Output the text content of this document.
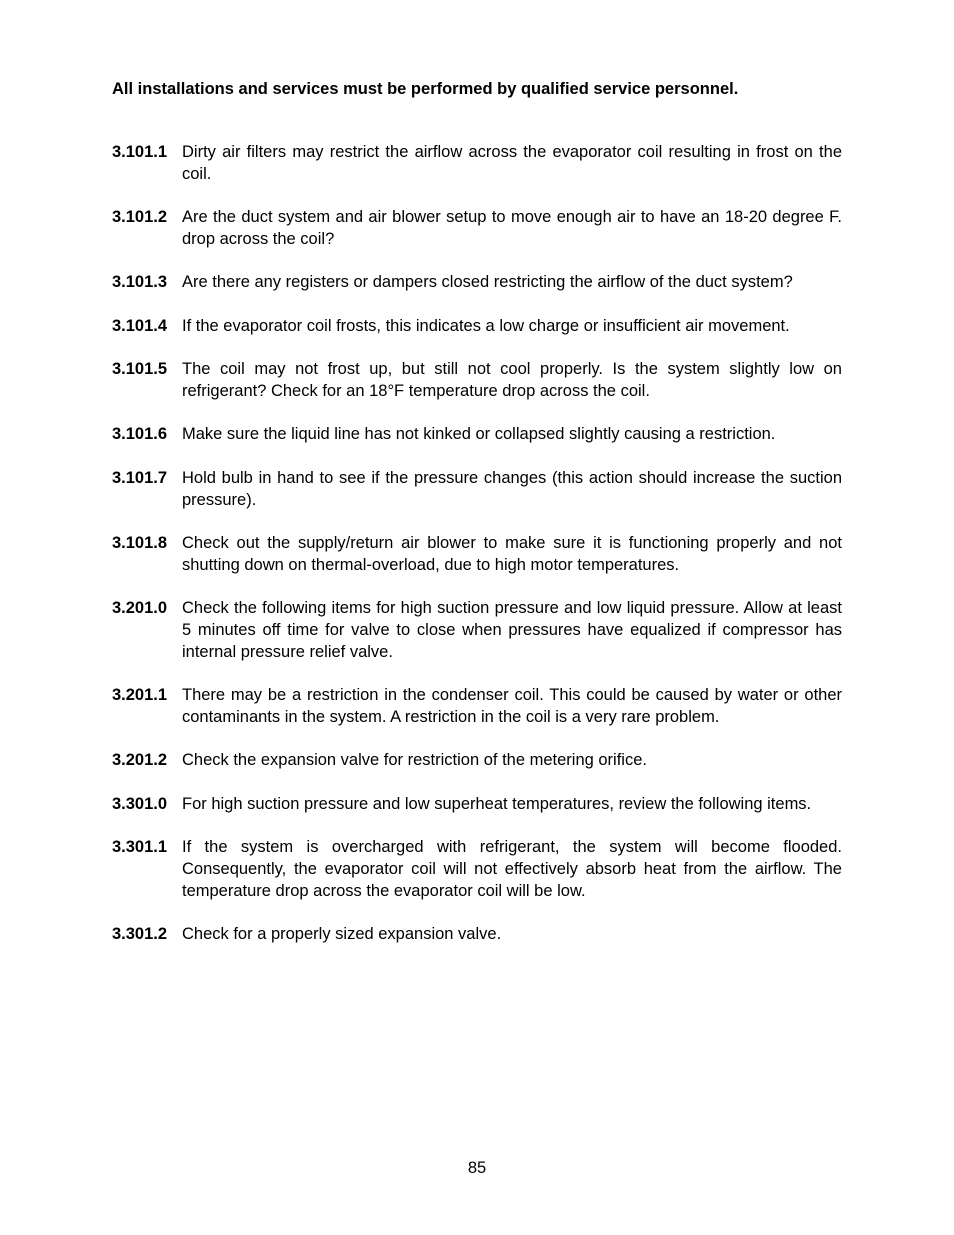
All installations and services must be performed by qualified service personnel.

3.101.1 Dirty air filters may restrict the airflow across the evaporator coil resulting in frost on the coil.
3.101.2 Are the duct system and air blower setup to move enough air to have an 18-20 degree F. drop across the coil?
3.101.3 Are there any registers or dampers closed restricting the airflow of the duct system?
3.101.4 If the evaporator coil frosts, this indicates a low charge or insufficient air movement.
3.101.5 The coil may not frost up, but still not cool properly. Is the system slightly low on refrigerant? Check for an 18°F temperature drop across the coil.
3.101.6 Make sure the liquid line has not kinked or collapsed slightly causing a restriction.
3.101.7 Hold bulb in hand to see if the pressure changes (this action should increase the suction pressure).
3.101.8 Check out the supply/return air blower to make sure it is functioning properly and not shutting down on thermal-overload, due to high motor temperatures.
3.201.0 Check the following items for high suction pressure and low liquid pressure. Allow at least 5 minutes off time for valve to close when pressures have equalized if compressor has internal pressure relief valve.
3.201.1 There may be a restriction in the condenser coil. This could be caused by water or other contaminants in the system. A restriction in the coil is a very rare problem.
3.201.2 Check the expansion valve for restriction of the metering orifice.
3.301.0 For high suction pressure and low superheat temperatures, review the following items.
3.301.1 If the system is overcharged with refrigerant, the system will become flooded. Consequently, the evaporator coil will not effectively absorb heat from the airflow. The temperature drop across the evaporator coil will be low.
3.301.2 Check for a properly sized expansion valve.
85
